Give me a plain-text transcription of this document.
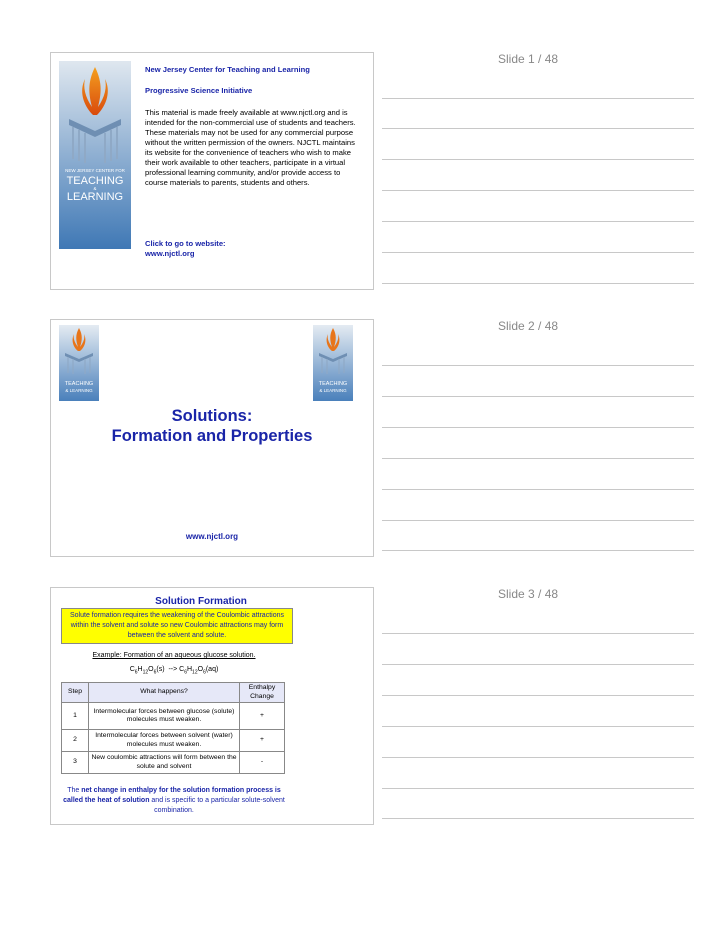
Slide 1 / 48
NEW JERSEY CENTER FOR
TEACHING
&
LEARNING
New Jersey Center for Teaching and Learning
Progressive Science Initiative
This material is made freely available at www.njctl.org and is intended for the non-commercial use of students and teachers. These materials may not be used for any commercial purpose without the written permission of the owners. NJCTL maintains its website for the convenience of teachers who wish to make their work available to other teachers, participate in a virtual professional learning community, and/or provide access to course materials to parents, students and others.
Click to go to website:
www.njctl.org
Slide 2 / 48
TEACHING
& LEARNING
TEACHING
& LEARNING
Solutions:
Formation and Properties
www.njctl.org
Slide 3 / 48
Solution Formation
Solute formation requires the weakening of the Coulombic attractions within the solvent and solute so new Coulombic attractions may form between the solvent and solute.
Example: Formation of an aqueous glucose solution.
$C_6H_{12}O_6(s)$  --> $C_6H_{12}O_6(aq)$
Step	What happens?	Enthalpy Change
1	Intermolecular forces between glucose (solute) molecules must weaken.	+
2	Intermolecular forces between solvent (water) molecules must weaken.	+
3	New coulombic attractions will form between the solute and solvent	-
The net change in enthalpy for the solution formation process is called the heat of solution and is specific to a particular solute-solvent combination.
